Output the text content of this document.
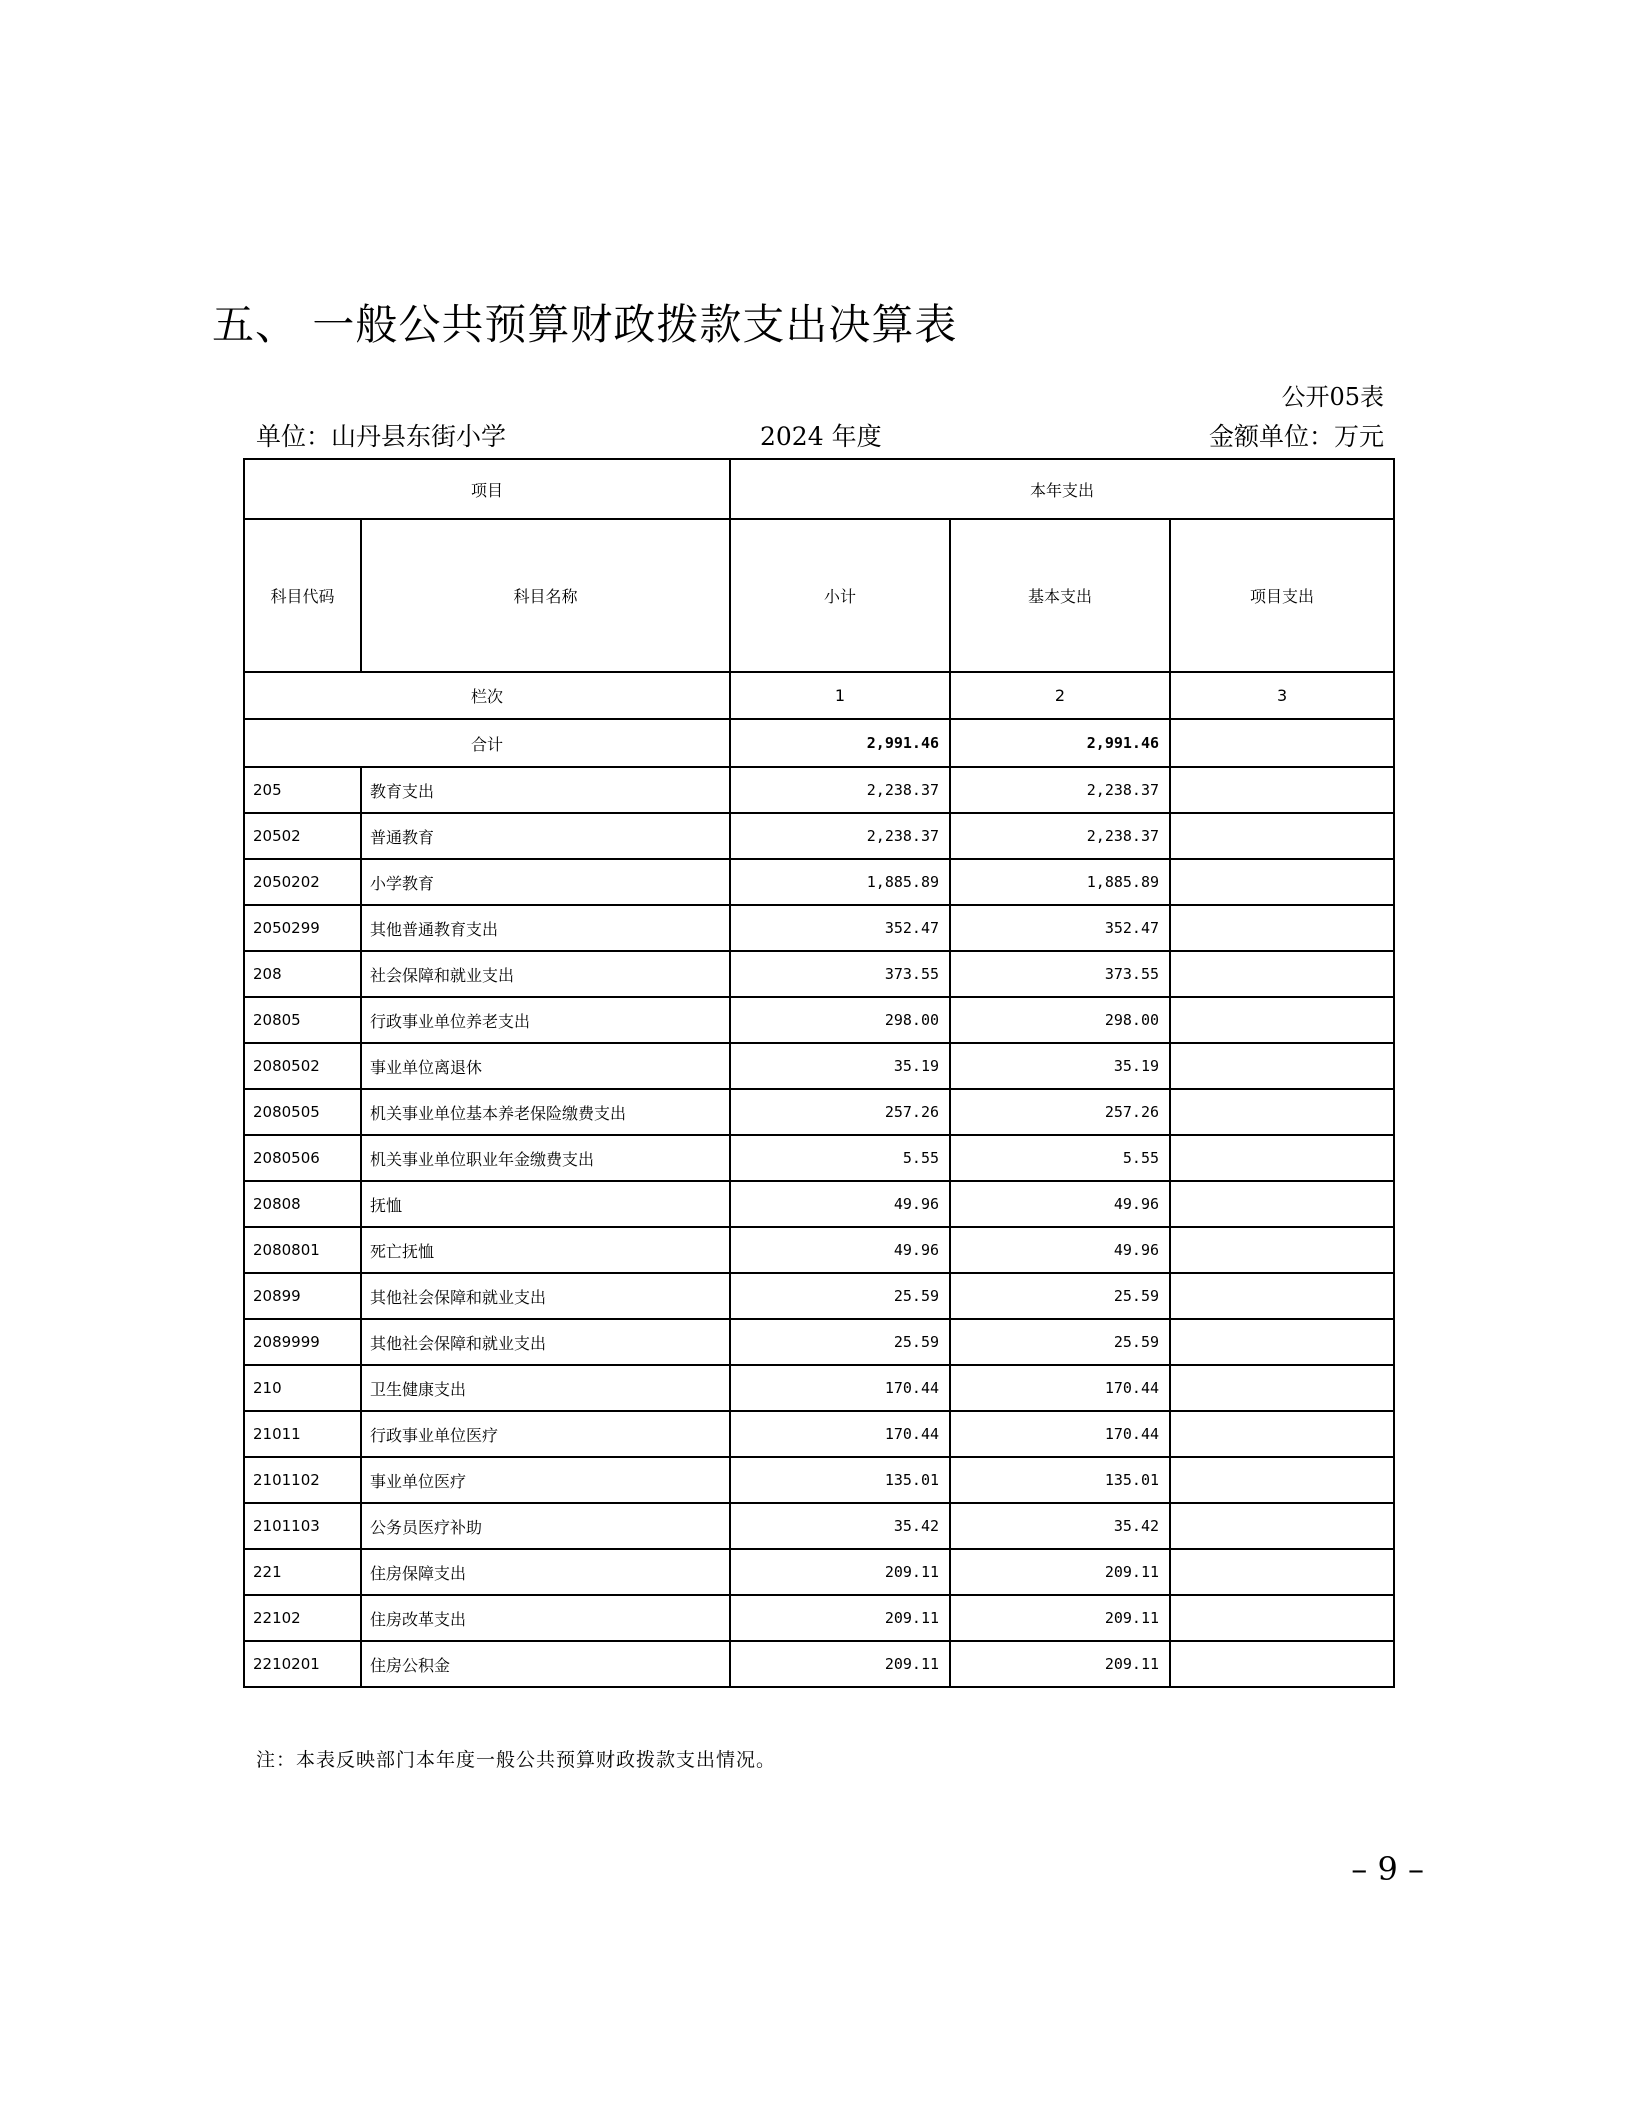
五、 一般公共预算财政拨款支出决算表
公开05表
单位：山丹县东街小学	2024 年度	金额单位：万元
项目		本年支出		
科目代码	科目名称	小计	基本支出	项目支出
栏次		1	2	3
合计		2,991.46	2,991.46	
205	教育支出	2,238.37	2,238.37	
20502	普通教育	2,238.37	2,238.37	
2050202	小学教育	1,885.89	1,885.89	
2050299	其他普通教育支出	352.47	352.47	
208	社会保障和就业支出	373.55	373.55	
20805	行政事业单位养老支出	298.00	298.00	
2080502	事业单位离退休	35.19	35.19	
2080505	机关事业单位基本养老保险缴费支出	257.26	257.26	
2080506	机关事业单位职业年金缴费支出	5.55	5.55	
20808	抚恤	49.96	49.96	
2080801	死亡抚恤	49.96	49.96	
20899	其他社会保障和就业支出	25.59	25.59	
2089999	其他社会保障和就业支出	25.59	25.59	
210	卫生健康支出	170.44	170.44	
21011	行政事业单位医疗	170.44	170.44	
2101102	事业单位医疗	135.01	135.01	
2101103	公务员医疗补助	35.42	35.42	
221	住房保障支出	209.11	209.11	
22102	住房改革支出	209.11	209.11	
2210201	住房公积金	209.11	209.11	
注：本表反映部门本年度一般公共预算财政拨款支出情况。
– 9 –
